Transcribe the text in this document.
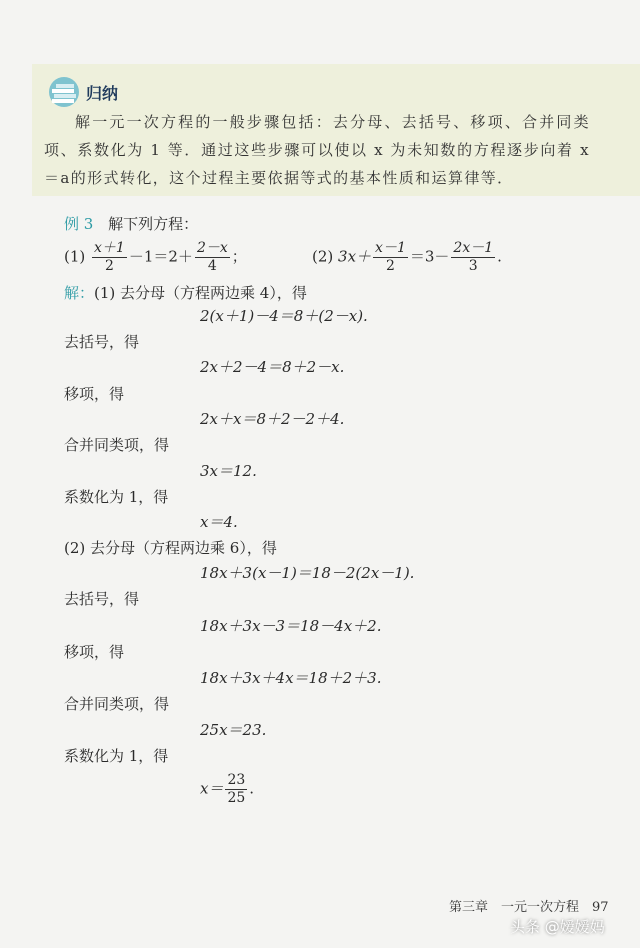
归纳
解一元一次方程的一般步骤包括：去分母、去括号、移项、合并同类项、系数化为 1 等．通过这些步骤可以使以 x 为未知数的方程逐步向着 x＝a的形式转化，这个过程主要依据等式的基本性质和运算律等．
例 3 解下列方程：
$(1) \frac{x+1}{2} -1=2+ \frac{2-x}{4}$ ；	(2) $3x+ \frac{x-1}{2} =3- \frac{2x-1}{3}$ .
解：(1) 去分母（方程两边乘 4），得
2(x＋1)－4＝8＋(2－x).
去括号，得
2x＋2－4＝8＋2－x.
移项，得
2x＋x＝8＋2－2＋4.
合并同类项，得
3x＝12.
系数化为 1，得
x＝4.
(2) 去分母（方程两边乘 6），得
18x＋3(x－1)＝18－2(2x－1).
去括号，得
18x＋3x－3＝18－4x＋2.
移项，得
18x＋3x＋4x＝18＋2＋3.
合并同类项，得
25x＝23.
系数化为 1，得
$x= \frac{23}{25}$ .
第三章　一元一次方程　97
头条 @嫒嫒妈
